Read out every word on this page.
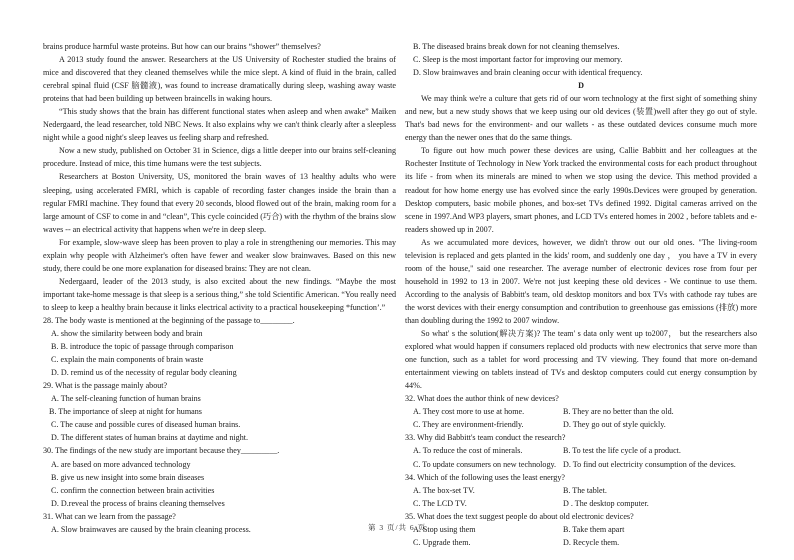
brains produce harmful waste proteins. But how can our brains “shower” themselves?

A 2013 study found the answer. Researchers at the US University of Rochester studied the brains of mice and discovered that they cleaned themselves while the mice slept. A kind of fluid in the brain, called cerebral spinal fluid (CSF 脑髓液), was found to increase dramatically during sleep, washing away waste proteins that had been building up between braincells in waking hours.

“This study shows that the brain has different functional states when asleep and when awake” Maiken Nedergaard, the lead researcher, told NBC News. It also explains why we can't think clearly after a sleepless night while a good night's sleep leaves us feeling sharp and refreshed.

Now a new study, published on October 31 in Science, digs a little deeper into our brains self-cleaning procedure. Instead of mice, this time humans were the test subjects.

Researchers at Boston University, US, monitored the brain waves of 13 healthy adults who were sleeping, using accelerated FMRI, which is capable of recording faster changes inside the brain than a regular FMRI machine. They found that every 20 seconds, blood flowed out of the brain, making room for a large amount of CSF to come in and “clean”, This cycle coincided (巧合) with the rhythm of the brains slow waves -- an electrical activity that happens when we're in deep sleep.

For example, slow-wave sleep has been proven to play a role in strengthening our memories. This may explain why people with Alzheimer's often have fewer and weaker slow brainwaves. Based on this new study, there could be one more explanation for diseased brains: They are not clean.

Nedergaard, leader of the 2013 study, is also excited about the new findings. “Maybe the most important take-home message is that sleep is a serious thing,” she told Scientific American. “You really need to sleep to keep a healthy brain because it links electrical activity to a practical housekeeping *function’.”

28. The body waste is mentioned at the beginning of the passage to________.
A. show the similarity between body and brain
B. B. introduce the topic of passage through comparison
C. explain the main components of brain waste
D. D. remind us of the necessity of regular body cleaning
29. What is the passage mainly about?
A. The self-cleaning function of human brains
B. The importance of sleep at night for humans
C. The cause and possible cures of diseased human brains.
D. The different states of human brains at daytime and night.
30. The findings of the new study are important because they_________.
A. are based on more advanced technology
B. give us new insight into some brain diseases
C. confirm the connection between brain activities
D. D.reveal the process of brains cleaning themselves
31. What can we learn from the passage?
A. Slow brainwaves are caused by the brain cleaning process.
B. The diseased brains break down for not cleaning themselves.
C. Sleep is the most important factor for improving our memory.
D. Slow brainwaves and brain cleaning occur with identical frequency.
D

We may think we're a culture that gets rid of our worn technology at the first sight of something shiny and new, but a new study shows that we keep using our old devices (装置)well after they go out of style. That's bad news for the environment- and our wallets - as these outdated devices consume much more energy than the newer ones that do the same things.

To figure out how much power these devices are using, Callie Babbitt and her colleagues at the Rochester Institute of Technology in New York tracked the environmental costs for each product throughout its life - from when its minerals are mined to when we stop using the device. This method provided a readout for how home energy use has evolved since the early 1990s.Devices were grouped by generation. Desktop computers, basic mobile phones, and box-set TVs defined 1992. Digital cameras arrived on the scene in 1997.And WP3 players, smart phones, and LCD TVs entered homes in 2002 , before tablets and e-readers showed up in 2007.

As we accumulated more devices, however, we didn't throw out our old ones. "The living-room television is replaced and gets planted in the kids' room, and suddenly one day ， you have a TV in every room of the house," said one researcher. The average number of electronic devices rose from four per household in 1992 to 13 in 2007. We're not just keeping these old devices - We continue to use them. According to the analysis of Babbitt's team, old desktop monitors and box TVs with cathode ray tubes are the worst devices with their energy consumption and contribution to greenhouse gas emissions (排放) more than doubling during the 1992 to 2007 window.

So what' s the solution(解决方案)? The team' s data only went up to2007， but the researchers also explored what would happen if consumers replaced old products with new electronics that serve more than one function, such as a tablet for word processing and TV viewing. They found that more on-demand entertainment viewing on tablets instead of TVs and desktop computers could cut energy consumption by 44%.

32. What does the author think of new devices?
A. They cost more to use at home.	B. They are no better than the old.
C. They are environment-friendly.	D. They go out of style quickly.
33. Why did Babbitt's team conduct the research?
A. To reduce the cost of minerals.	B. To test the life cycle of a product.
C. To update consumers on new technology. D. To find out electricity consumption of the devices.
34. Which of the following uses the least energy?
A. The box-set TV.	B. The tablet.
C. The LCD TV.	D . The desktop computer.
35. What does the text suggest people do about old electronic devices?
A. Stop using them	B. Take them apart
C. Upgrade them.	D. Recycle them.
第 3 页/共 6 页
